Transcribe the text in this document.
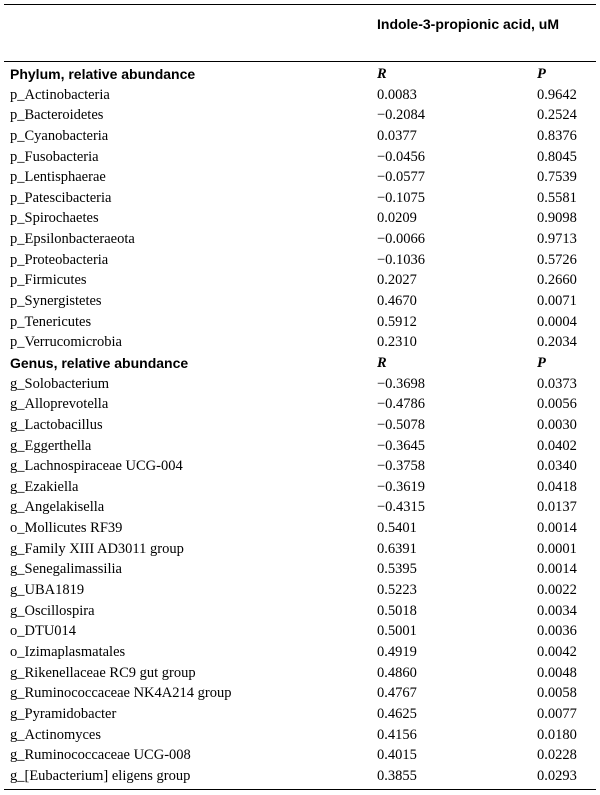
Indole-3-propionic acid, uM
Phylum, relative abundance	R	P
p_Actinobacteria	0.0083	0.9642
p_Bacteroidetes	−0.2084	0.2524
p_Cyanobacteria	0.0377	0.8376
p_Fusobacteria	−0.0456	0.8045
p_Lentisphaerae	−0.0577	0.7539
p_Patescibacteria	−0.1075	0.5581
p_Spirochaetes	0.0209	0.9098
p_Epsilonbacteraeota	−0.0066	0.9713
p_Proteobacteria	−0.1036	0.5726
p_Firmicutes	0.2027	0.2660
p_Synergistetes	0.4670	0.0071
p_Tenericutes	0.5912	0.0004
p_Verrucomicrobia	0.2310	0.2034
Genus, relative abundance	R	P
g_Solobacterium	−0.3698	0.0373
g_Alloprevotella	−0.4786	0.0056
g_Lactobacillus	−0.5078	0.0030
g_Eggerthella	−0.3645	0.0402
g_Lachnospiraceae UCG-004	−0.3758	0.0340
g_Ezakiella	−0.3619	0.0418
g_Angelakisella	−0.4315	0.0137
o_Mollicutes RF39	0.5401	0.0014
g_Family XIII AD3011 group	0.6391	0.0001
g_Senegalimassilia	0.5395	0.0014
g_UBA1819	0.5223	0.0022
g_Oscillospira	0.5018	0.0034
o_DTU014	0.5001	0.0036
o_Izimaplasmatales	0.4919	0.0042
g_Rikenellaceae RC9 gut group	0.4860	0.0048
g_Ruminococcaceae NK4A214 group	0.4767	0.0058
g_Pyramidobacter	0.4625	0.0077
g_Actinomyces	0.4156	0.0180
g_Ruminococcaceae UCG-008	0.4015	0.0228
g_[Eubacterium] eligens group	0.3855	0.0293
